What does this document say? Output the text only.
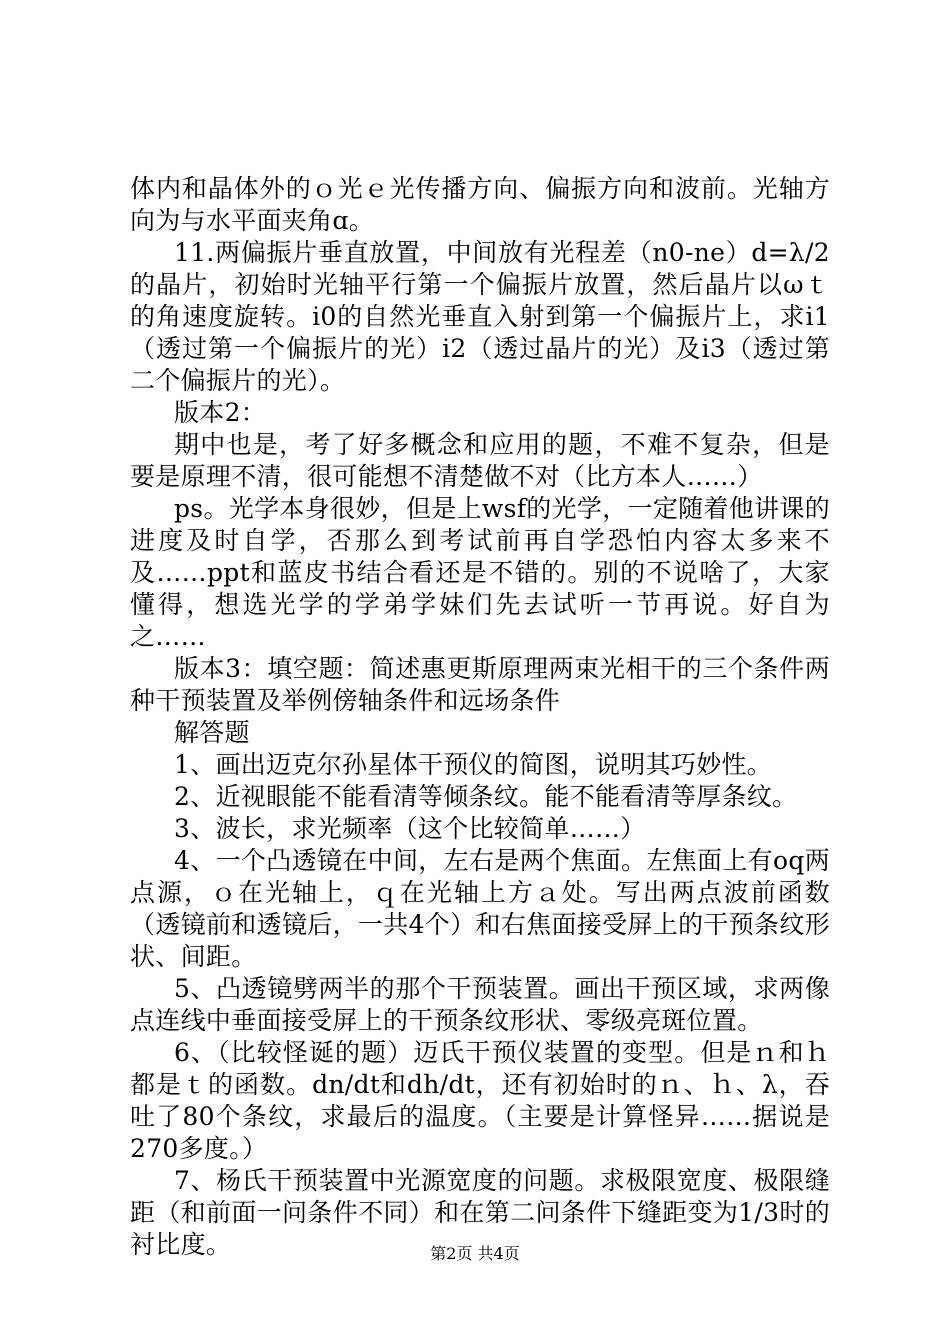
体内和晶体外的ｏ光ｅ光传播方向、偏振方向和波前。光轴方向为与水平面夹角ɑ。

11.两偏振片垂直放置，中间放有光程差（n0-ne）d=λ/2的晶片，初始时光轴平行第一个偏振片放置，然后晶片以ωｔ的角速度旋转。i0的自然光垂直入射到第一个偏振片上，求i1（透过第一个偏振片的光）i2（透过晶片的光）及i3（透过第二个偏振片的光）。

版本2：

期中也是，考了好多概念和应用的题，不难不复杂，但是要是原理不清，很可能想不清楚做不对（比方本人……）

ps。光学本身很妙，但是上wsf的光学，一定随着他讲课的进度及时自学，否那么到考试前再自学恐怕内容太多来不及……ppt和蓝皮书结合看还是不错的。别的不说啥了，大家懂得，想选光学的学弟学妹们先去试听一节再说。好自为之……

版本3：填空题：简述惠更斯原理两束光相干的三个条件两种干预装置及举例傍轴条件和远场条件

解答题

1、画出迈克尔孙星体干预仪的简图，说明其巧妙性。

2、近视眼能不能看清等倾条纹。能不能看清等厚条纹。

3、波长，求光频率（这个比较简单……）

4、一个凸透镜在中间，左右是两个焦面。左焦面上有oq两点源，ｏ在光轴上，ｑ在光轴上方ａ处。写出两点波前函数（透镜前和透镜后，一共4个）和右焦面接受屏上的干预条纹形状、间距。

5、凸透镜劈两半的那个干预装置。画出干预区域，求两像点连线中垂面接受屏上的干预条纹形状、零级亮斑位置。

6、（比较怪诞的题）迈氏干预仪装置的变型。但是ｎ和ｈ都是ｔ的函数。dn/dt和dh/dt，还有初始时的ｎ、ｈ、λ，吞吐了80个条纹，求最后的温度。（主要是计算怪异……据说是270多度。）

7、杨氏干预装置中光源宽度的问题。求极限宽度、极限缝距（和前面一问条件不同）和在第二问条件下缝距变为1/3时的衬比度。	第2页 共4页
